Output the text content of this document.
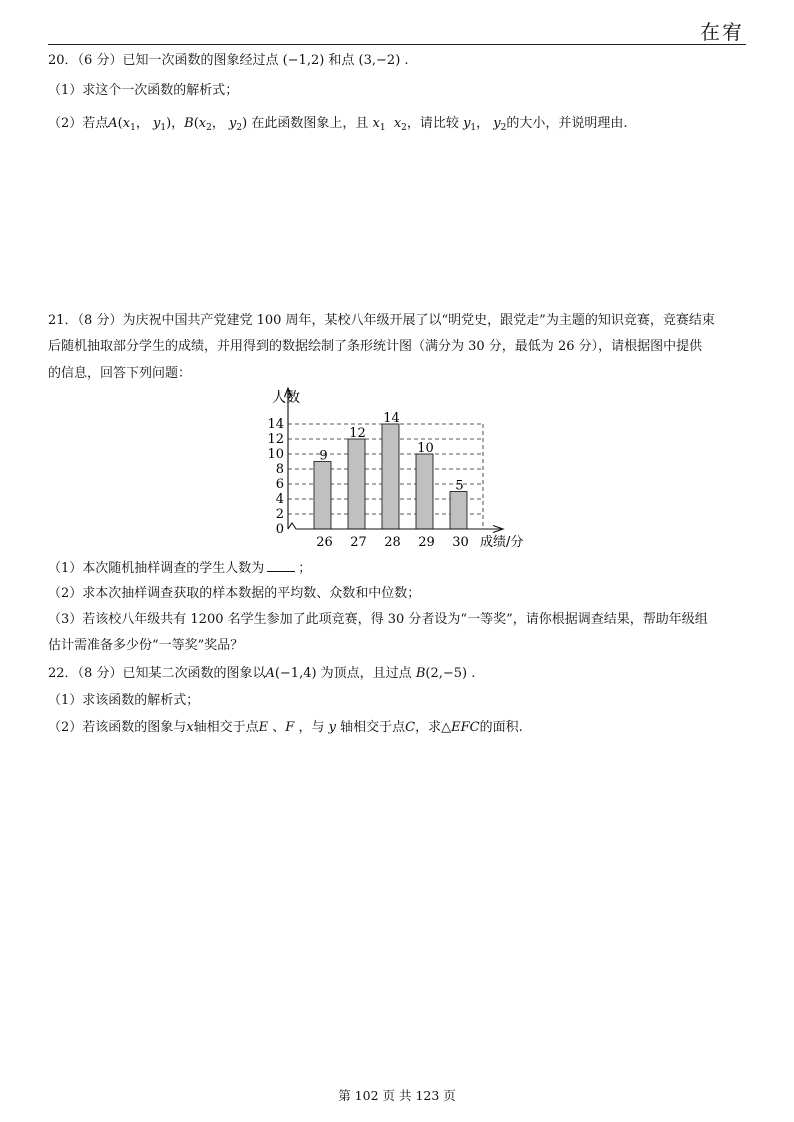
在宥
20．（6 分）已知一次函数的图象经过点 (−1,2) 和点 (3,−2) .
（1）求这个一次函数的解析式；
（2）若点$A(x_1$， $y_1$)，$B(x_2$， $y_2$) 在此函数图象上，且 $x_1$ $x_2$，请比较 $y_1$， $y_2$的大小，并说明理由.
21．（8 分）为庆祝中国共产党建党 100 周年，某校八年级开展了以“明党史，跟党走”为主题的知识竞赛，竞赛结束
后随机抽取部分学生的成绩，并用得到的数据绘制了条形统计图（满分为 30 分，最低为 26 分），请根据图中提供
的信息，回答下列问题：
9
12
14
10
5
0
2
4
6
8
10
12
14
26 27 28 29 30
人数
成绩/分
（1）本次随机抽样调查的学生人数为	；
（2）求本次抽样调查获取的样本数据的平均数、众数和中位数；
（3）若该校八年级共有 1200 名学生参加了此项竞赛，得 30 分者设为“一等奖”，请你根据调查结果，帮助年级组
估计需准备多少份“一等奖”奖品？
22．（8 分）已知某二次函数的图象以A(−1,4) 为顶点，且过点 B(2,−5) .
（1）求该函数的解析式；
（2）若该函数的图象与x轴相交于点E 、F ，与 y 轴相交于点C，求△EFC的面积.
第 102 页 共 123 页
